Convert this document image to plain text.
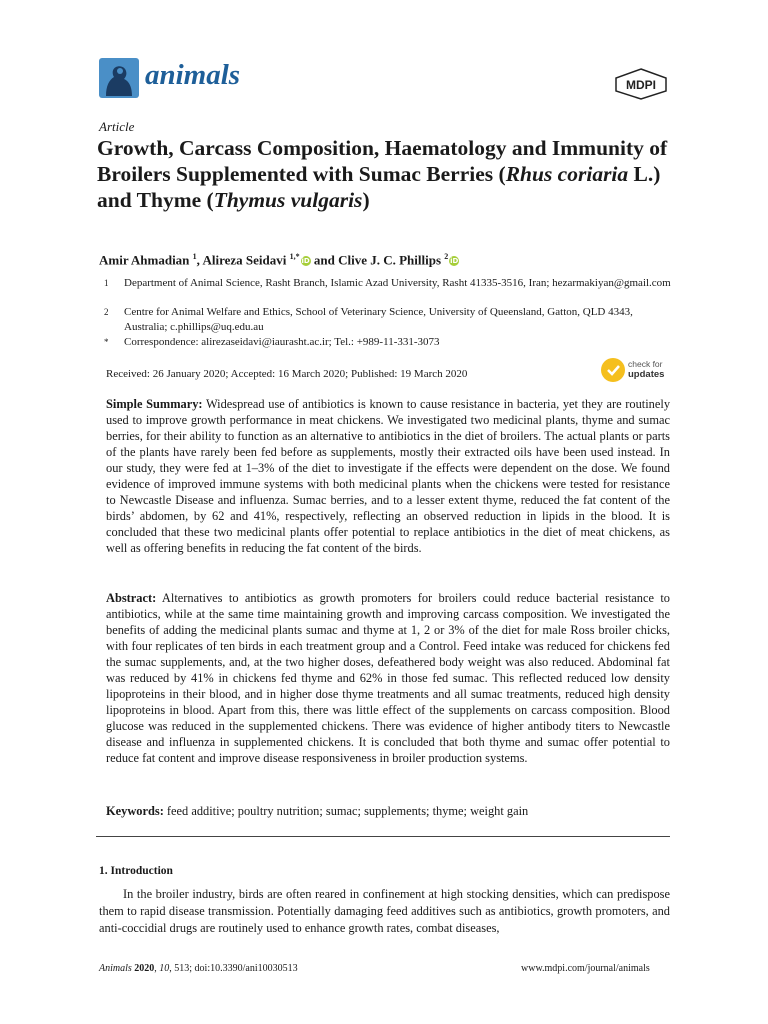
animals	MDPI
Article
Growth, Carcass Composition, Haematology and Immunity of Broilers Supplemented with Sumac Berries (Rhus coriaria L.) and Thyme (Thymus vulgaris)
Amir Ahmadian $^1$, Alireza Seidavi $^{1,*}$iD and Clive J. C. Phillips $^2$iD
1 Department of Animal Science, Rasht Branch, Islamic Azad University, Rasht 41335-3516, Iran; hezarmakiyan@gmail.com
2 Centre for Animal Welfare and Ethics, School of Veterinary Science, University of Queensland, Gatton, QLD 4343, Australia; c.phillips@uq.edu.au
* Correspondence: alirezaseidavi@iaurasht.ac.ir; Tel.: +989-11-331-3073
Received: 26 January 2020; Accepted: 16 March 2020; Published: 19 March 2020
check for
updates
Simple Summary: Widespread use of antibiotics is known to cause resistance in bacteria, yet they are routinely used to improve growth performance in meat chickens. We investigated two medicinal plants, thyme and sumac berries, for their ability to function as an alternative to antibiotics in the diet of broilers. The actual plants or parts of the plants have rarely been fed before as supplements, mostly their extracted oils have been used instead. In our study, they were fed at 1–3% of the diet to investigate if the effects were dependent on the dose. We found evidence of improved immune systems with both medicinal plants when the chickens were tested for resistance to Newcastle Disease and influenza. Sumac berries, and to a lesser extent thyme, reduced the fat content of the birds’ abdomen, by 62 and 41%, respectively, reflecting an observed reduction in lipids in the blood. It is concluded that these two medicinal plants offer potential to replace antibiotics in the diet of meat chickens, as well as offering benefits in reducing the fat content of the birds.
Abstract: Alternatives to antibiotics as growth promoters for broilers could reduce bacterial resistance to antibiotics, while at the same time maintaining growth and improving carcass composition. We investigated the benefits of adding the medicinal plants sumac and thyme at 1, 2 or 3% of the diet for male Ross broiler chicks, with four replicates of ten birds in each treatment group and a Control. Feed intake was reduced for chickens fed the sumac supplements, and, at the two higher doses, defeathered body weight was also reduced. Abdominal fat was reduced by 41% in chickens fed thyme and 62% in those fed sumac. This reflected reduced low density lipoproteins in their blood, and in higher dose thyme treatments and all sumac treatments, reduced high density lipoproteins in blood. Apart from this, there was little effect of the supplements on carcass composition. Blood glucose was reduced in the supplemented chickens. There was evidence of higher antibody titers to Newcastle disease and influenza in supplemented chickens. It is concluded that both thyme and sumac offer potential to reduce fat content and improve disease responsiveness in broiler production systems.
Keywords: feed additive; poultry nutrition; sumac; supplements; thyme; weight gain
1. Introduction
In the broiler industry, birds are often reared in confinement at high stocking densities, which can predispose them to rapid disease transmission. Potentially damaging feed additives such as antibiotics, growth promoters, and anti-coccidial drugs are routinely used to enhance growth rates, combat diseases,
Animals 2020, 10, 513; doi:10.3390/ani10030513	www.mdpi.com/journal/animals
